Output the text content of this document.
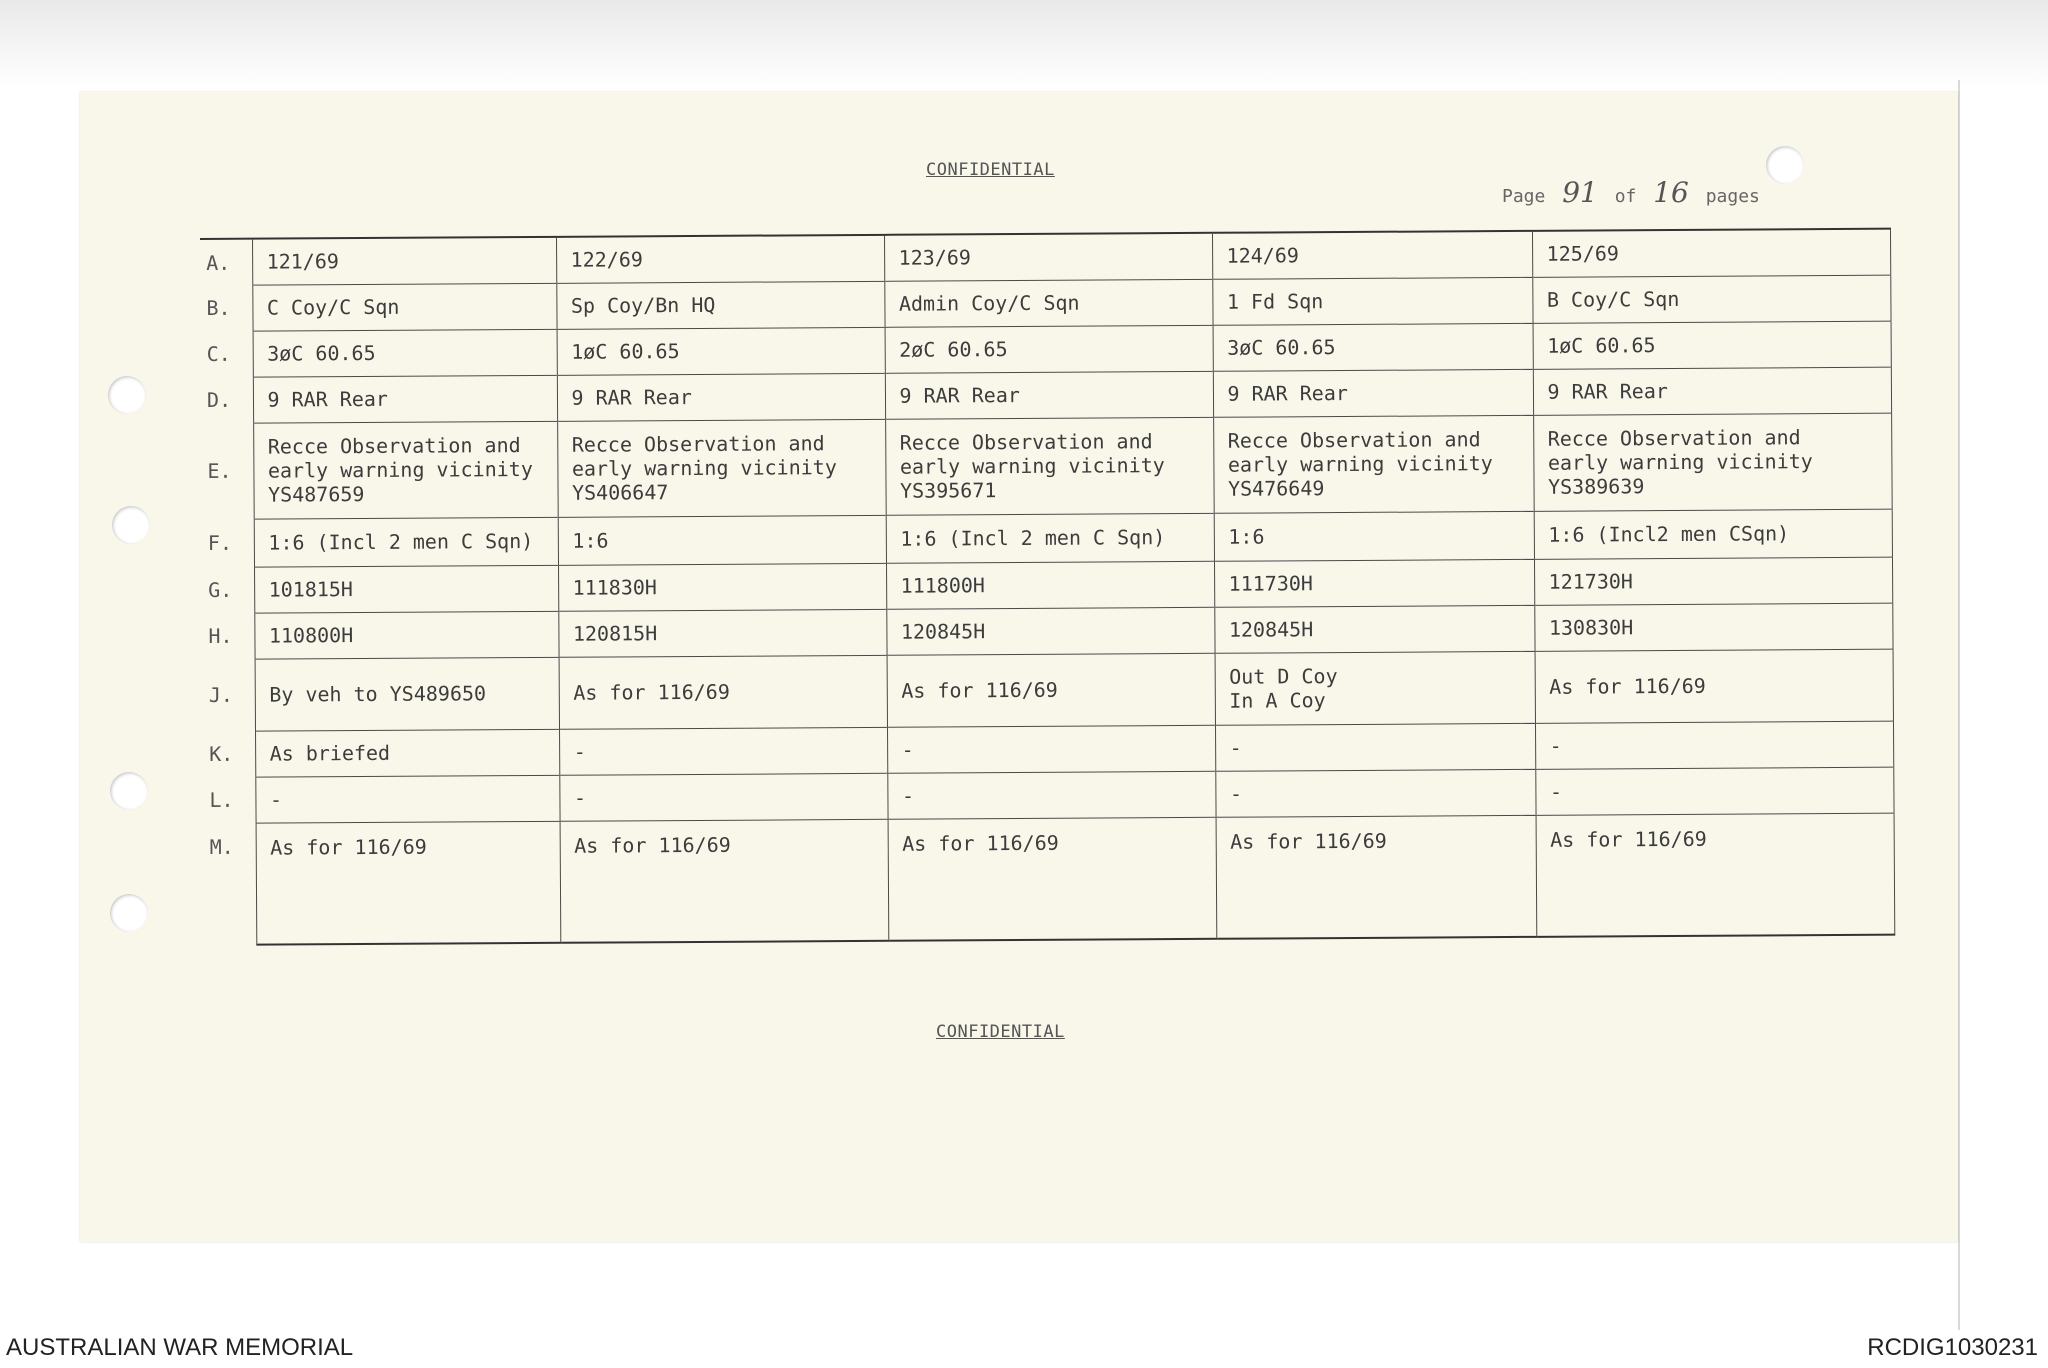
CONFIDENTIAL
Page 91 of 16 pages
A.	121/69	122/69	123/69	124/69	125/69

B.	C Coy/C Sqn	Sp Coy/Bn HQ	Admin Coy/C Sqn	1 Fd Sqn	B Coy/C Sqn

C.	3øC 60.65	1øC 60.65	2øC 60.65	3øC 60.65	1øC 60.65

D.	9 RAR Rear	9 RAR Rear	9 RAR Rear	9 RAR Rear	9 RAR Rear

E.	Recce Observation and
early warning vicinity
YS487659	Recce Observation and
early warning vicinity
YS406647	Recce Observation and
early warning vicinity
YS395671	Recce Observation and
early warning vicinity
YS476649	Recce Observation and
early warning vicinity
YS389639

F.	1:6 (Incl 2 men C Sqn)	1:6	1:6 (Incl 2 men C Sqn)	1:6	1:6 (Incl2 men CSqn)

G.	101815H	111830H	111800H	111730H	121730H

H.	110800H	120815H	120845H	120845H	130830H

J.	By veh to YS489650	As for 116/69	As for 116/69	Out D Coy
In A Coy	As for 116/69

K.	As briefed	-	-	-	-

L.	-	-	-	-	-

M.	As for 116/69	As for 116/69	As for 116/69	As for 116/69	As for 116/69
CONFIDENTIAL
AUSTRALIAN WAR MEMORIAL	RCDIG1030231
